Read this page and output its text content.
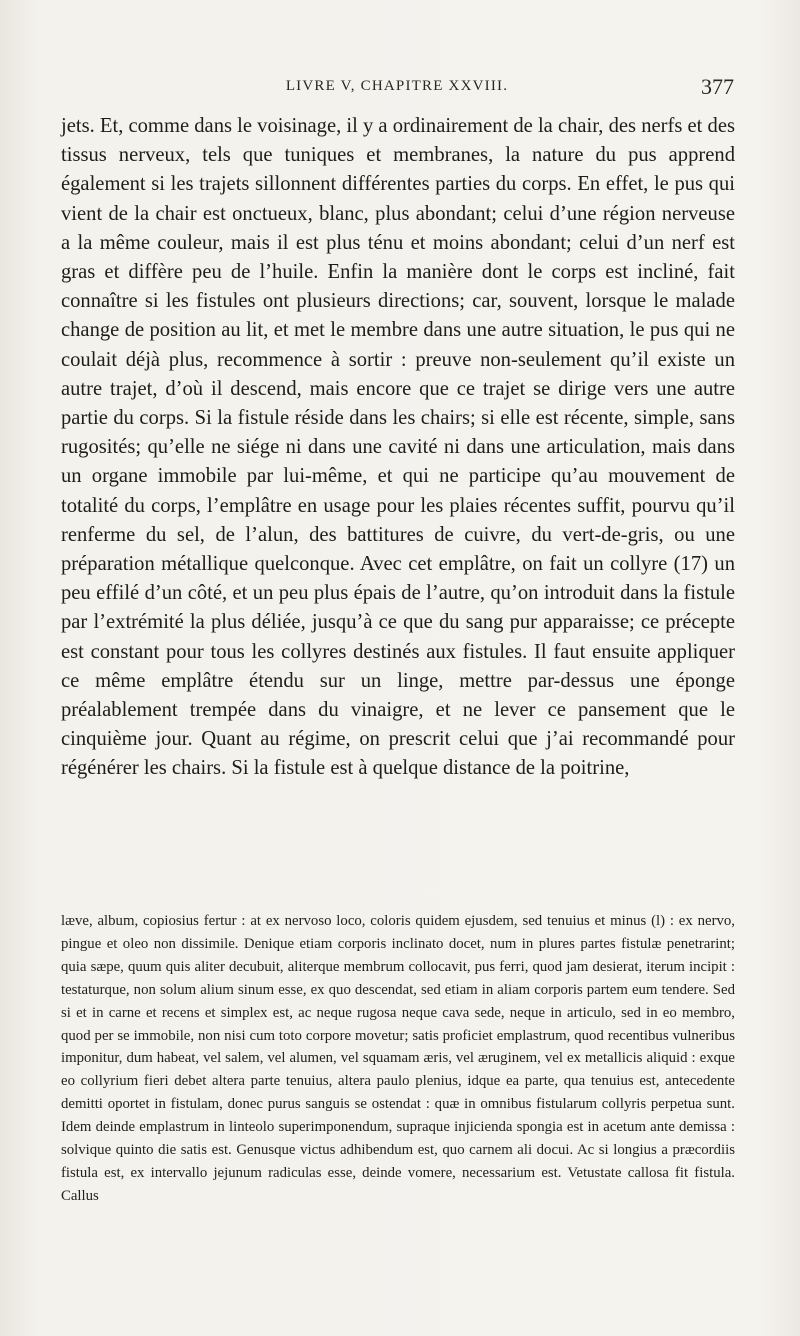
LIVRE V, CHAPITRE XXVIII.	377

jets. Et, comme dans le voisinage, il y a ordinairement de la chair, des nerfs et des tissus nerveux, tels que tuniques et membranes, la nature du pus apprend également si les trajets sillonnent différentes parties du corps. En effet, le pus qui vient de la chair est onctueux, blanc, plus abondant; celui d’une région nerveuse a la même couleur, mais il est plus ténu et moins abondant; celui d’un nerf est gras et diffère peu de l’huile. Enfin la manière dont le corps est incliné, fait connaître si les fistules ont plusieurs directions; car, souvent, lorsque le malade change de position au lit, et met le membre dans une autre situation, le pus qui ne coulait déjà plus, recommence à sortir : preuve non-seulement qu’il existe un autre trajet, d’où il descend, mais encore que ce trajet se dirige vers une autre partie du corps. Si la fistule réside dans les chairs; si elle est récente, simple, sans rugosités; qu’elle ne siége ni dans une cavité ni dans une articulation, mais dans un organe immobile par lui-même, et qui ne participe qu’au mouvement de totalité du corps, l’emplâtre en usage pour les plaies récentes suffit, pourvu qu’il renferme du sel, de l’alun, des battitures de cuivre, du vert-de-gris, ou une préparation métallique quelconque. Avec cet emplâtre, on fait un collyre (17) un peu effilé d’un côté, et un peu plus épais de l’autre, qu’on introduit dans la fistule par l’extrémité la plus déliée, jusqu’à ce que du sang pur apparaisse; ce précepte est constant pour tous les collyres destinés aux fistules. Il faut ensuite appliquer ce même emplâtre étendu sur un linge, mettre par-dessus une éponge préalablement trempée dans du vinaigre, et ne lever ce pansement que le cinquième jour. Quant au régime, on prescrit celui que j’ai recommandé pour régénérer les chairs. Si la fistule est à quelque distance de la poitrine,

læve, album, copiosius fertur : at ex nervoso loco, coloris quidem ejusdem, sed tenuius et minus (l) : ex nervo, pingue et oleo non dissimile. Denique etiam corporis inclinato docet, num in plures partes fistulæ penetrarint; quia sæpe, quum quis aliter decubuit, aliterque membrum collocavit, pus ferri, quod jam desierat, iterum incipit : testaturque, non solum alium sinum esse, ex quo descendat, sed etiam in aliam corporis partem eum tendere. Sed si et in carne et recens et simplex est, ac neque rugosa neque cava sede, neque in articulo, sed in eo membro, quod per se immobile, non nisi cum toto corpore movetur; satis proficiet emplastrum, quod recentibus vulneribus imponitur, dum habeat, vel salem, vel alumen, vel squamam æris, vel æruginem, vel ex metallicis aliquid : exque eo collyrium fieri debet altera parte tenuius, altera paulo plenius, idque ea parte, qua tenuius est, antecedente demitti oportet in fistulam, donec purus sanguis se ostendat : quæ in omnibus fistularum collyris perpetua sunt. Idem deinde emplastrum in linteolo superimponendum, supraque injicienda spongia est in acetum ante demissa : solvique quinto die satis est. Genusque victus adhibendum est, quo carnem ali docui. Ac si longius a præcordiis fistula est, ex intervallo jejunum radiculas esse, deinde vomere, necessarium est. Vetustate callosa fit fistula. Callus
